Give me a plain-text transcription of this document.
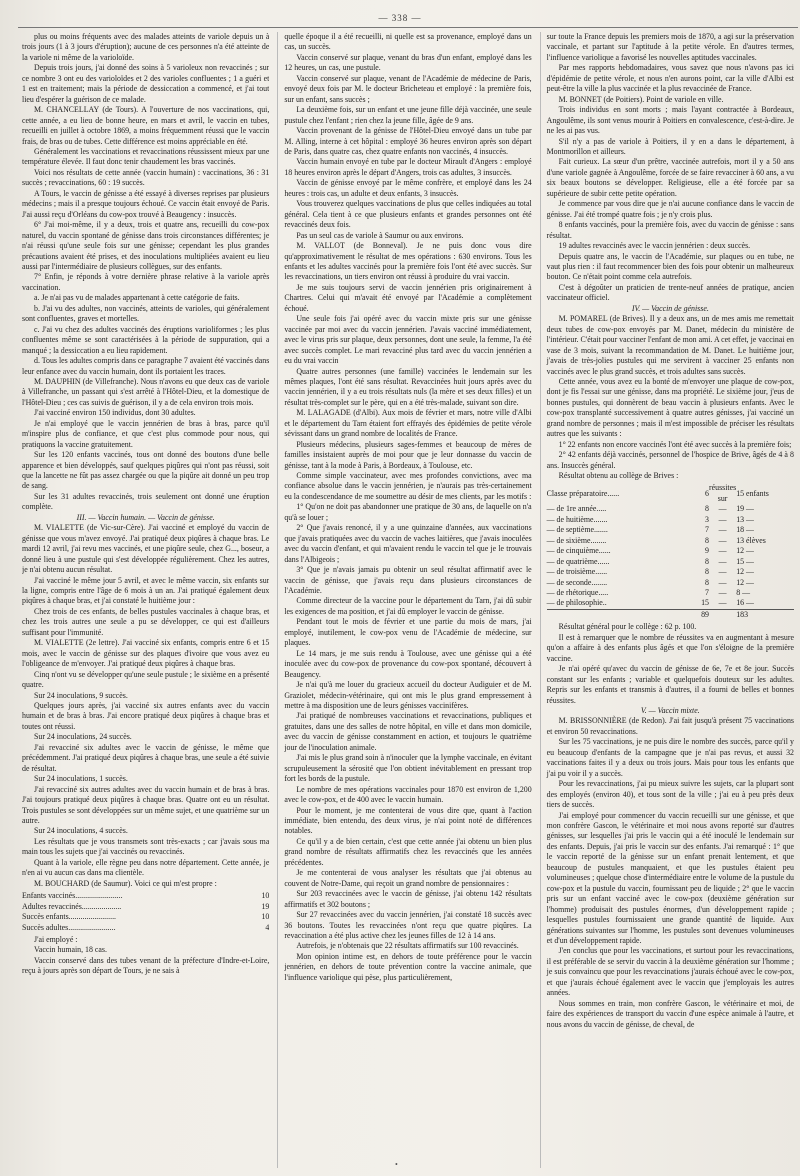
— 338 —

plus ou moins fréquents avec des malades atteints de variole depuis un à trois jours (1 à 3 jours d'éruption); aucune de ces personnes n'a été atteinte de la variole ni même de la varioloïde.

Depuis trois jours, j'ai donné des soins à 5 varioleux non revaccinés ; sur ce nombre 3 ont eu des varioloïdes et 2 des varioles confluentes ; 1 a guéri et 1 est en traitement; mais la période de dessiccation a commencé, et j'ai tout lieu d'espérer la guérison de ce malade.

M. CHANCELLAY (de Tours). A l'ouverture de nos vaccinations, qui, cette année, a eu lieu de bonne heure, en mars et avril, le vaccin en tubes, recueilli en juillet à octobre 1869, a moins fréquemment réussi que le vaccin frais, de bras ou de tubes. Cette différence est moins appréciable en été.

Généralement les vaccinations et revaccinations réussissent mieux par une température élevée. Il faut donc tenir chaudement les bras vaccinés.

Voici nos résultats de cette année (vaccin humain) : vaccinations, 36 : 31 succès ; revaccinations, 60 : 19 succès.

A Tours, le vaccin de génisse a été essayé à diverses reprises par plusieurs médecins ; mais il a presque toujours échoué. Ce vaccin était envoyé de Paris. J'ai aussi reçu d'Orléans du cow-pox trouvé à Beaugency : insuccès.

6° J'ai moi-même, il y a deux, trois et quatre ans, recueilli du cow-pox naturel, du vaccin spontané de génisse dans trois circonstances différentes; je n'ai réussi qu'une seule fois sur une génisse; cependant les plus grandes précautions avaient été prises, et des inoculations multipliées avaient eu lieu aussi par l'intermédiaire de plusieurs collègues, sur des enfants.

7° Enfin, je réponds à votre dernière phrase relative à la variole après vaccination.

a. Je n'ai pas vu de malades appartenant à cette catégorie de faits.

b. J'ai vu des adultes, non vaccinés, atteints de varioles, qui généralement sont confluentes, graves et mortelles.

c. J'ai vu chez des adultes vaccinés des éruptions varioliformes ; les plus confluentes même se sont caractérisées à la période de suppuration, qui a manqué ; la dessiccation a eu lieu rapidement.

d. Tous les adultes compris dans ce paragraphe 7 avaient été vaccinés dans leur enfance avec du vaccin humain, dont ils portaient les traces.

M. DAUPHIN (de Villefranche). Nous n'avons eu que deux cas de variole à Villefranche, un passant qui s'est arrêté à l'Hôtel-Dieu, et la domestique de l'Hôtel-Dieu ; ces cas suivis de guérison, il y a de cela environ trois mois.

J'ai vacciné environ 150 individus, dont 30 adultes.

Je n'ai employé que le vaccin jennérien de bras à bras, parce qu'il m'inspire plus de confiance, et que c'est plus commode pour nous, qui pratiquons la vaccine gratuitement.

Sur les 120 enfants vaccinés, tous ont donné des boutons d'une belle apparence et bien développés, sauf quelques piqûres qui n'ont pas réussi, soit que la lancette ne fût pas assez chargée ou que la piqûre ait donné un peu trop de sang.

Sur les 31 adultes revaccinés, trois seulement ont donné une éruption complète.

III. — Vaccin humain. — Vaccin de génisse.

M. VIALETTE (de Vic-sur-Cère). J'ai vacciné et employé du vaccin de génisse que vous m'avez envoyé. J'ai pratiqué deux piqûres à chaque bras. Le mardi 12 avril, j'ai revu mes vaccinés, et une piqûre seule, chez G..., boseur, a donné lieu à une pustule qui s'est développée régulièrement. Chez les autres, je n'ai obtenu aucun résultat.

J'ai vacciné le même jour 5 avril, et avec le même vaccin, six enfants sur la ligne, compris entre l'âge de 6 mois à un an. J'ai pratiqué également deux piqûres à chaque bras, et j'ai constaté le huitième jour :

Chez trois de ces enfants, de belles pustules vaccinales à chaque bras, et chez les trois autres une seule a pu se développer, ce qui est d'ailleurs suffisant pour l'immunité.

M. VIALETTE (2e lettre). J'ai vacciné six enfants, compris entre 6 et 15 mois, avec le vaccin de génisse sur des plaques d'ivoire que vous avez eu l'obligeance de m'envoyer. J'ai pratiqué deux piqûres à chaque bras.

Cinq n'ont vu se développer qu'une seule pustule ; le sixième en a présenté quatre.

Sur 24 inoculations, 9 succès.

Quelques jours après, j'ai vacciné six autres enfants avec du vaccin humain et de bras à bras. J'ai encore pratiqué deux piqûres à chaque bras et toutes ont réussi.

Sur 24 inoculations, 24 succès.

J'ai revacciné six adultes avec le vaccin de génisse, le même que précédemment. J'ai pratiqué deux piqûres à chaque bras, une seule a été suivie de résultat.

Sur 24 inoculations, 1 succès.

J'ai revacciné six autres adultes avec du vaccin humain et de bras à bras. J'ai toujours pratiqué deux piqûres à chaque bras. Quatre ont eu un résultat. Trois pustules se sont développées sur un même sujet, et une quatrième sur un autre.

Sur 24 inoculations, 4 succès.

Les résultats que je vous transmets sont très-exacts ; car j'avais sous ma main tous les sujets que j'ai vaccinés ou revaccinés.

Quant à la variole, elle règne peu dans notre département. Cette année, je n'en ai vu aucun cas dans ma clientèle.

M. BOUCHARD (de Saumur). Voici ce qui m'est propre :

Enfants vaccinés........................	10
Adultes revaccinés....................	19
Succès enfants........................	10
Succès adultes........................	4

J'ai employé :

Vaccin humain, 18 cas.

Vaccin conservé dans des tubes venant de la préfecture d'Indre-et-Loire, reçu à jours après son départ de Tours, je ne sais à

quelle époque il a été recueilli, ni quelle est sa provenance, employé dans un cas, un succès.

Vaccin conservé sur plaque, venant du bras d'un enfant, employé dans les 12 heures, un cas, une pustule.

Vaccin conservé sur plaque, venant de l'Académie de médecine de Paris, envoyé deux fois par M. le docteur Bricheteau et employé : la première fois, sur un enfant, sans succès ;

La deuxième fois, sur un enfant et une jeune fille déjà vaccinée, une seule pustule chez l'enfant ; rien chez la jeune fille, âgée de 9 ans.

Vaccin provenant de la génisse de l'Hôtel-Dieu envoyé dans un tube par M. Alling, interne à cet hôpital : employé 36 heures environ après son départ de Paris, dans quatre cas, chez quatre enfants non vaccinés, 4 insuccès.

Vaccin humain envoyé en tube par le docteur Mirault d'Angers : employé 18 heures environ après le départ d'Angers, trois cas adultes, 3 insuccès.

Vaccin de génisse envoyé par le même confrère, et employé dans les 24 heures : trois cas, un adulte et deux enfants, 3 insuccès.

Vous trouverez quelques vaccinations de plus que celles indiquées au total général. Cela tient à ce que plusieurs enfants et grandes personnes ont été revaccinés deux fois.

Pas un seul cas de variole à Saumur ou aux environs.

M. VALLOT (de Bonneval). Je ne puis donc vous dire qu'approximativement le résultat de mes opérations : 630 environs. Tous les enfants et les adultes vaccinés pour la première fois l'ont été avec succès. Sur les revaccinations, un tiers environ ont réussi à produire du vrai vaccin.

Je me suis toujours servi de vaccin jennérien pris originairement à Chartres. Celui qui m'avait été envoyé par l'Académie a complètement échoué.

Une seule fois j'ai opéré avec du vaccin mixte pris sur une génisse vaccinée par moi avec du vaccin jennérien. J'avais vacciné immédiatement, avec le virus pris sur plaque, deux personnes, dont une seule, la femme, l'a été avec succès complet. Le mari revacciné plus tard avec du vaccin jennérien a eu du vrai vaccin

Quatre autres personnes (une famille) vaccinées le lendemain sur les mêmes plaques, l'ont été sans résultat. Revaccinées huit jours après avec du vaccin jennérien, il y a eu trois résultats nuls (la mère et ses deux filles) et un résultat très-complet sur le père, qui en a été très-malade, suivant son dire.

M. LALAGADE (d'Albi). Aux mois de février et mars, notre ville d'Albi et le département du Tarn étaient fort effrayés des épidémies de petite vérole sévissant dans un grand nombre de localités de France.

Plusieurs médecins, plusieurs sages-femmes et beaucoup de mères de familles insistaient auprès de moi pour que je leur donnasse du vaccin de génisse, tant à la mode à Paris, à Bordeaux, à Toulouse, etc.

Comme simple vaccinateur, avec mes profondes convictions, avec ma confiance absolue dans le vaccin jennérien, je n'aurais pas très-certainement eu la condescendance de me soumettre au désir de mes clients, par les motifs :

1° Qu'on ne doit pas abandonner une pratique de 30 ans, de laquelle on n'a qu'à se louer ;

2° Que j'avais renoncé, il y a une quinzaine d'années, aux vaccinations que j'avais pratiquées avec du vaccin de vaches laitières, que j'avais inoculées avec du vaccin d'enfant, et qui m'avaient rendu le vaccin tel que je le trouvais dans l'Albigeois ;

3° Que je n'avais jamais pu obtenir un seul résultat affirmatif avec le vaccin de génisse, que j'avais reçu dans plusieurs circonstances de l'Académie.

Comme directeur de la vaccine pour le département du Tarn, j'ai dû subir les exigences de ma position, et j'ai dû employer le vaccin de génisse.

Pendant tout le mois de février et une partie du mois de mars, j'ai employé, inutilement, le cow-pox venu de l'Académie de médecine, sur plaques.

Le 14 mars, je me suis rendu à Toulouse, avec une génisse qui a été inoculée avec du cow-pox de provenance du cow-pox spontané, découvert à Beaugency.

Je n'ai qu'à me louer du gracieux accueil du docteur Audiguier et de M. Graziolet, médecin-vétérinaire, qui ont mis le plus grand empressement à mettre à ma disposition une de leurs génisses vaccinifères.

J'ai pratiqué de nombreuses vaccinations et revaccinations, publiques et gratuites, dans une des salles de notre hôpital, en ville et dans mon domicile, avec du vaccin de génisse constamment en action, et toujours le quatrième jour de l'inoculation animale.

J'ai mis le plus grand soin à n'inoculer que la lymphe vaccinale, en évitant scrupuleusement la sérosité que l'on obtient inévitablement en pressant trop fort les bords de la pustule.

Le nombre de mes opérations vaccinales pour 1870 est environ de 1,200 avec le cow-pox, et de 400 avec le vaccin humain.

Pour le moment, je me contenterai de vous dire que, quant à l'action immédiate, bien entendu, des deux virus, je n'ai point noté de différences notables.

Ce qu'il y a de bien certain, c'est que cette année j'ai obtenu un bien plus grand nombre de résultats affirmatifs chez les revaccinés que les années précédentes.

Je me contenterai de vous analyser les résultats que j'ai obtenus au couvent de Notre-Dame, qui reçoit un grand nombre de pensionnaires :

Sur 203 revaccinées avec le vaccin de génisse, j'ai obtenu 142 résultats affirmatifs et 302 boutons ;

Sur 27 revaccinées avec du vaccin jennérien, j'ai constaté 18 succès avec 36 boutons. Toutes les revaccinées n'ont reçu que quatre piqûres. La revaccination a été plus active chez les jeunes filles de 12 à 14 ans.

Autrefois, je n'obtenais que 22 résultats affirmatifs sur 100 revaccinés.

Mon opinion intime est, en dehors de toute préférence pour le vaccin jennérien, en dehors de toute prévention contre la vaccine animale, que l'influence variolique qui pèse, plus particulièrement,

sur toute la France depuis les premiers mois de 1870, a agi sur la préservation vaccinale, et partant sur l'aptitude à la petite vérole. En d'autres termes, l'influence variolique a favorisé les nouvelles aptitudes vaccinales.

Par mes rapports hebdomadaires, vous savez que nous n'avons pas ici d'épidémie de petite vérole, et nous n'en aurons point, car la ville d'Albi est peut-être la ville la plus vaccinée et la plus revaccinée de France.

M. BONNET (de Poitiers). Point de variole en ville.

Trois individus en sont morts ; mais l'ayant contractée à Bordeaux, Angoulême, ils sont venus mourir à Poitiers en convalescence, c'est-à-dire. Je ne les ai pas vus.

S'il n'y a pas de variole à Poitiers, il y en a dans le département, à Montmorillon et ailleurs.

Fait curieux. La sœur d'un prêtre, vaccinée autrefois, mort il y a 50 ans d'une variole gagnée à Angoulême, forcée de se faire revacciner à 60 ans, a vu six beaux boutons se développer. Religieuse, elle a été forcée par sa supérieure de subir cette petite opération.

Je commence par vous dire que je n'ai aucune confiance dans le vaccin de génisse. J'ai été trompé quatre fois ; je n'y crois plus.

8 enfants vaccinés, pour la première fois, avec du vaccin de génisse : sans résultat.

19 adultes revaccinés avec le vaccin jennérien : deux succès.

Depuis quatre ans, le vaccin de l'Académie, sur plaques ou en tube, ne vaut plus rien : il faut recommencer bien des fois pour obtenir un malheureux bouton. Ce n'était point comme cela autrefois.

C'est à dégoûter un praticien de trente-neuf années de pratique, ancien vaccinateur officiel.

IV. — Vaccin de génisse.

M. POMAREL (de Brives). Il y a deux ans, un de mes amis me remettait deux tubes de cow-pox envoyés par M. Danet, médecin du ministère de l'intérieur. C'était pour vacciner l'enfant de mon ami. A cet effet, je vaccinai en vase de 3 mois, suivant la recommandation de M. Danet. Le huitième jour, j'avais de très-jolies pustules qui me servirent à vacciner 25 enfants non vaccinés avec le plus grand succès, et trois adultes sans succès.

Cette année, vous avez eu la bonté de m'envoyer une plaque de cow-pox, dont je fis l'essai sur une génisse, dans ma propriété. Le sixième jour, j'eus de bonnes pustules, qui donnèrent de beau vaccin à plusieurs enfants. Avec le cow-pox transplanté successivement à quatre autres génisses, j'ai vacciné un grand nombre de personnes ; mais il m'est impossible de préciser les résultats autres que les suivants :

1° 22 enfants non encore vaccinés l'ont été avec succès à la première fois;

2° 42 enfants déjà vaccinés, personnel de l'hospice de Brive, âgés de 4 à 8 ans. Insuccès général.

Résultat obtenu au collège de Brives :

Classe préparatoire......	6	réussites sur	15 enfants
— de 1re année.....	8	—	19 —
— de huitième.......	3	—	13 —
— de septième.......	7	—	18 —
— de sixième........	8	—	13 élèves
— de cinquième......	9	—	12 —
— de quatrième......	8	—	15 —
— de troisième......	8	—	12 —
— de seconde........	8	—	12 —
— de rhétorique.....	7	—	8 —
— de philosophie..	15	—	16 —
	89		183

Résultat général pour le collège : 62 p. 100.

Il est à remarquer que le nombre de réussites va en augmentant à mesure qu'on a affaire à des enfants plus âgés et que l'on s'éloigne de la première vaccine.

Je n'ai opéré qu'avec du vaccin de génisse de 6e, 7e et 8e jour. Succès constant sur les enfants ; variable et quelquefois douteux sur les adultes. Repris sur les enfants et transmis à d'autres, il a fourni de belles et bonnes réussites.

V. — Vaccin mixte.

M. BRISSONNIÈRE (de Redon). J'ai fait jusqu'à présent 75 vaccinations et environ 50 revaccinations.

Sur les 75 vaccinations, je ne puis dire le nombre des succès, parce qu'il y eu beaucoup d'enfants de la campagne que je n'ai pas revus, et aussi 32 vaccinations faites il y a deux ou trois jours. Mais pour tous les enfants que j'ai pu voir il y a succès.

Pour les revaccinations, j'ai pu mieux suivre les sujets, car la plupart sont des employés (environ 40), et tous sont de la ville ; j'ai eu à peu près deux tiers de succès.

J'ai employé pour commencer du vaccin recueilli sur une génisse, et que mon confrère Gascon, le vétérinaire et moi nous avons reporté sur d'autres génisses, sur lesquelles j'ai pris le vaccin qui a été inoculé le lendemain sur des enfants. Depuis, j'ai pris le vaccin sur des enfants. J'ai remarqué : 1° que le vaccin reporté de la génisse sur un enfant prenait lentement, et que beaucoup de pustules manquaient, et que les pustules étaient peu volumineuses ; quelque chose d'intermédiaire entre le volume de la pustule du cow-pox et la pustule du vaccin, fournissant peu de liquide ; 2° que le vaccin pris sur un enfant vacciné avec le cow-pox (deuxième génération sur l'homme) produisait des pustules énormes, d'un développement rapide ; lesquelles pustules fournissaient une grande quantité de liquide. Aux générations suivantes sur l'homme, les pustules sont devenues volumineuses et d'un développement rapide.

J'en conclus que pour les vaccinations, et surtout pour les revaccinations, il est préférable de se servir du vaccin à la deuxième génération sur l'homme ; je suis convaincu que pour les revaccinations j'aurais échoué avec le cow-pox, et que j'aurais échoué également avec le vaccin que j'employais les autres années.

Nous sommes en train, mon confrère Gascon, le vétérinaire et moi, de faire des expériences de transport du vaccin d'une espèce animale à l'autre, et nous avons du vaccin de génisse, de cheval, de

•
